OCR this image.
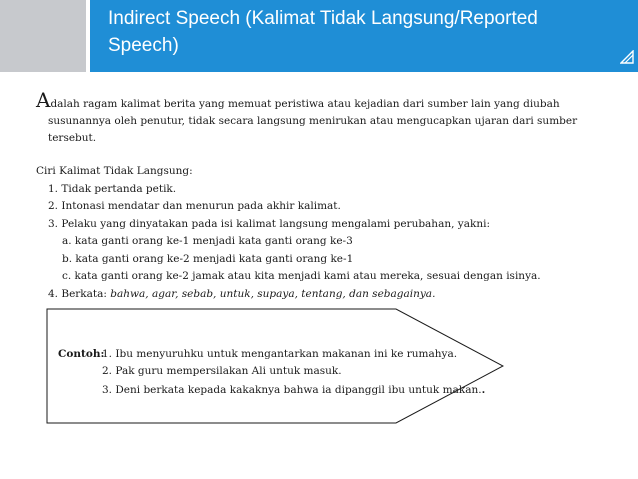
Indirect Speech (Kalimat Tidak Langsung/Reported Speech)

Adalah ragam kalimat berita yang memuat peristiwa atau kejadian dari sumber lain yang diubah
susunannya oleh penutur, tidak secara langsung menirukan atau mengucapkan ujaran dari sumber
tersebut.

Ciri Kalimat Tidak Langsung:
1. Tidak pertanda petik.
2. Intonasi mendatar dan menurun pada akhir kalimat.
3. Pelaku yang dinyatakan pada isi kalimat langsung mengalami perubahan, yakni:
a. kata ganti orang ke-1 menjadi kata ganti orang ke-3
b. kata ganti orang ke-2 menjadi kata ganti orang ke-1
c. kata ganti orang ke-2 jamak atau kita menjadi kami atau mereka, sesuai dengan isinya.
4. Berkata: bahwa, agar, sebab, untuk, supaya, tentang, dan sebagainya.
Contoh:
1. Ibu menyuruhku untuk mengantarkan makanan ini ke rumahya.
2. Pak guru mempersilakan Ali untuk masuk.
3. Deni berkata kepada kakaknya bahwa ia dipanggil ibu untuk makan..
